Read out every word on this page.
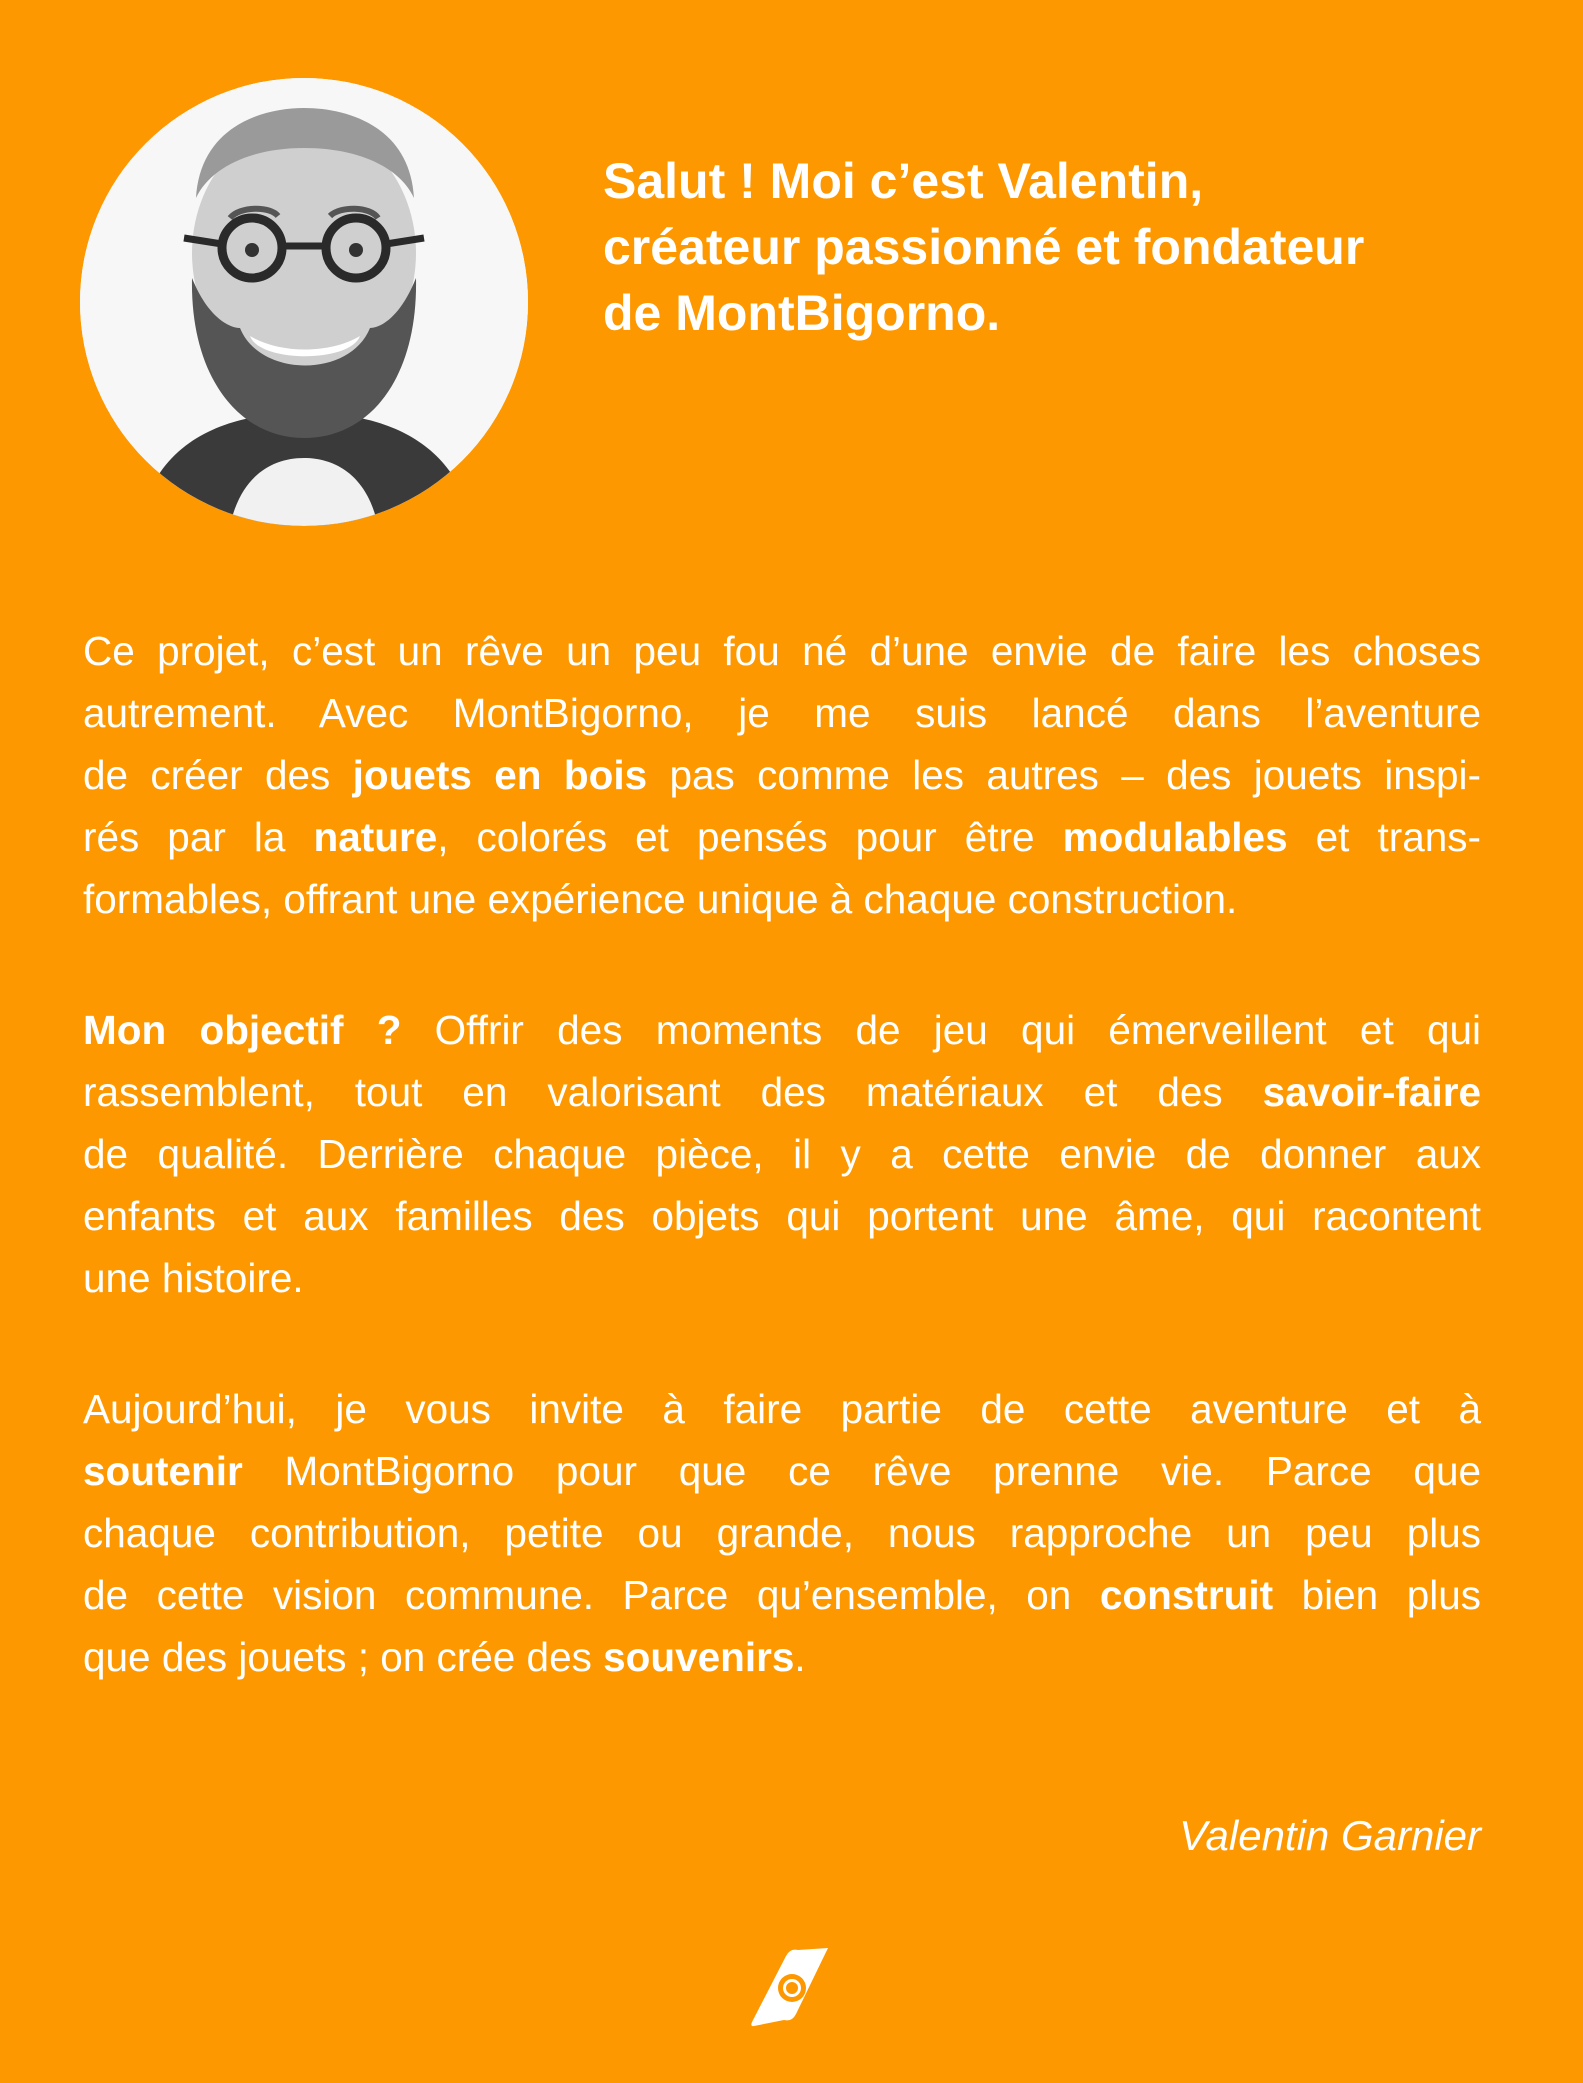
Salut ! Moi c’est Valentin,
créateur passionné et fondateur
de MontBigorno.
Ce projet, c’est un rêve un peu fou né d’une envie de faire les choses
autrement. Avec MontBigorno, je me suis lancé dans l’aventure
de créer des jouets en bois pas comme les autres – des jouets inspi-
rés par la nature, colorés et pensés pour être modulables et trans-
formables, offrant une expérience unique à chaque construction.
Mon objectif ? Offrir des moments de jeu qui émerveillent et qui
rassemblent, tout en valorisant des matériaux et des savoir-faire
de qualité. Derrière chaque pièce, il y a cette envie de donner aux
enfants et aux familles des objets qui portent une âme, qui racontent
une histoire.
Aujourd’hui, je vous invite à faire partie de cette aventure et à
soutenir MontBigorno pour que ce rêve prenne vie. Parce que
chaque contribution, petite ou grande, nous rapproche un peu plus
de cette vision commune. Parce qu’ensemble, on construit bien plus
que des jouets ; on crée des souvenirs.

Valentin Garnier
